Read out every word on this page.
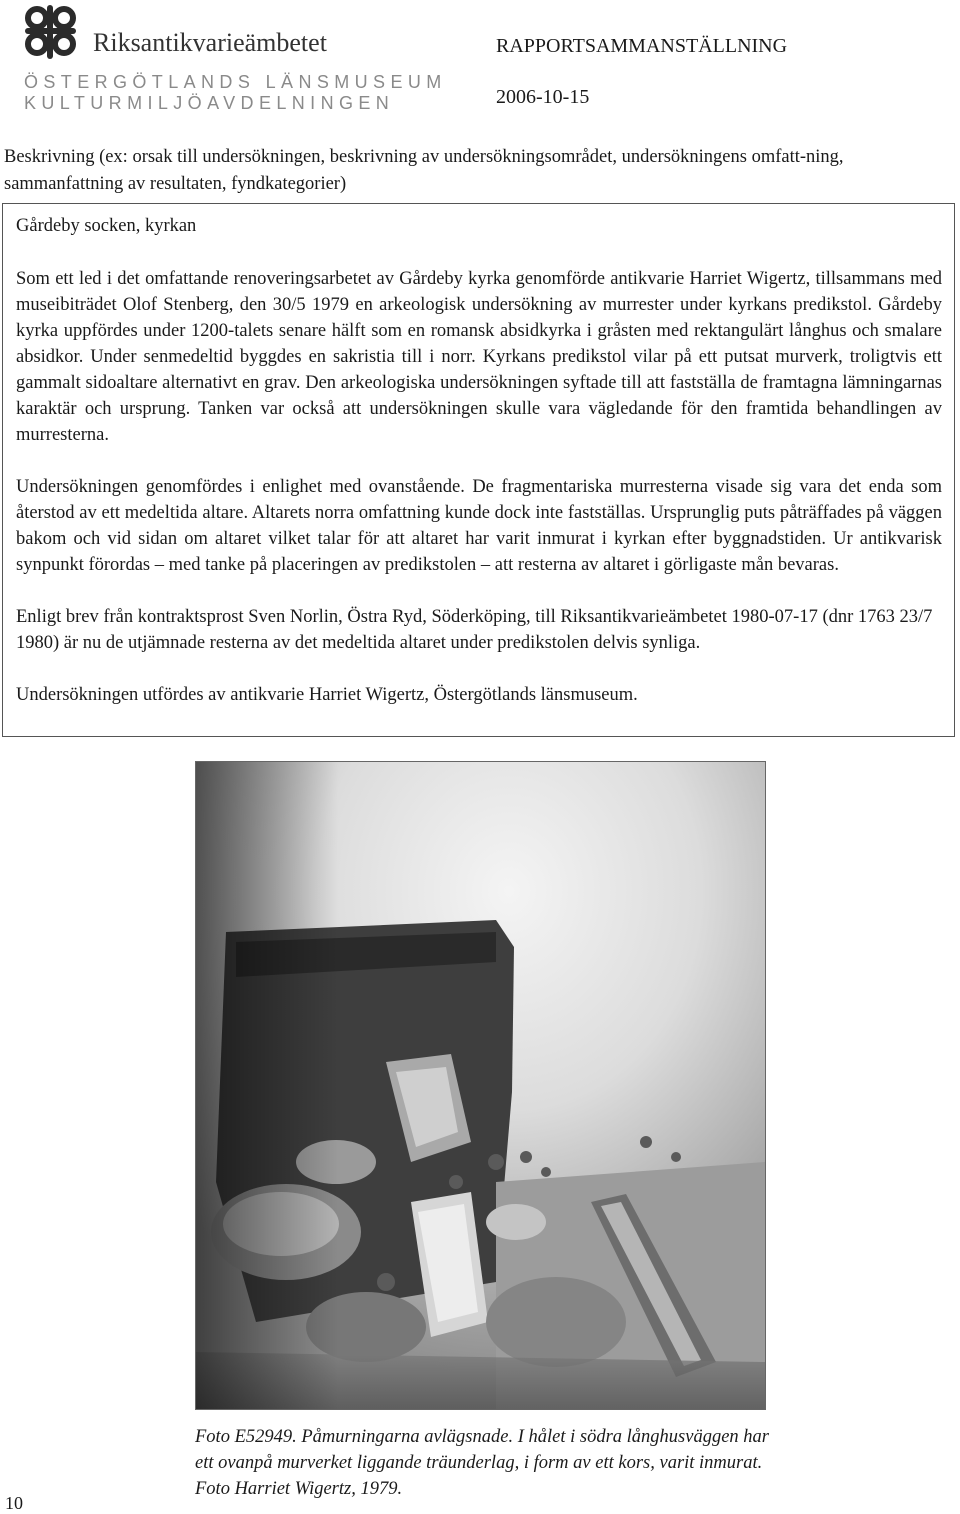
Riksantikvarieämbetet
ÖSTERGÖTLANDS LÄNSMUSEUM
KULTURMILJÖAVDELNINGEN
RAPPORTSAMMANSTÄLLNING
2006-10-15

Beskrivning (ex: orsak till undersökningen, beskrivning av undersökningsområdet, undersökningens omfatt-ning, sammanfattning av resultaten, fyndkategorier)

Gårdeby socken, kyrkan

Som ett led i det omfattande renoveringsarbetet av Gårdeby kyrka genomförde antikvarie Harriet Wigertz, tillsammans med museibiträdet Olof Stenberg, den 30/5 1979 en arkeologisk undersökning av murrester under kyrkans predikstol. Gårdeby kyrka uppfördes under 1200-talets senare hälft som en romansk absidkyrka i gråsten med rektangulärt långhus och smalare absidkor. Under senmedeltid byggdes en sakristia till i norr. Kyrkans predikstol vilar på ett putsat murverk, troligtvis ett gammalt sidoaltare alternativt en grav. Den arkeologiska undersökningen syftade till att fastställa de framtagna lämningarnas karaktär och ursprung. Tanken var också att undersökningen skulle vara vägledande för den framtida behandlingen av murresterna.

Undersökningen genomfördes i enlighet med ovanstående. De fragmentariska murresterna visade sig vara det enda som återstod av ett medeltida altare. Altarets norra omfattning kunde dock inte fastställas. Ursprunglig puts påträffades på väggen bakom och vid sidan om altaret vilket talar för att altaret har varit inmurat i kyrkan efter byggnadstiden. Ur antikvarisk synpunkt förordas – med tanke på placeringen av predikstolen – att resterna av altaret i görligaste mån bevaras.

Enligt brev från kontraktsprost Sven Norlin, Östra Ryd, Söderköping, till Riksantikvarieämbetet 1980-07-17 (dnr 1763 23/7 1980) är nu de utjämnade resterna av det medeltida altaret under predikstolen delvis synliga.

Undersökningen utfördes av antikvarie Harriet Wigertz, Östergötlands länsmuseum.

Foto E52949. Påmurningarna avlägsnade. I hålet i södra långhusväggen har ett ovanpå murverket liggande träunderlag, i form av ett kors, varit inmurat. Foto Harriet Wigertz, 1979.

10
